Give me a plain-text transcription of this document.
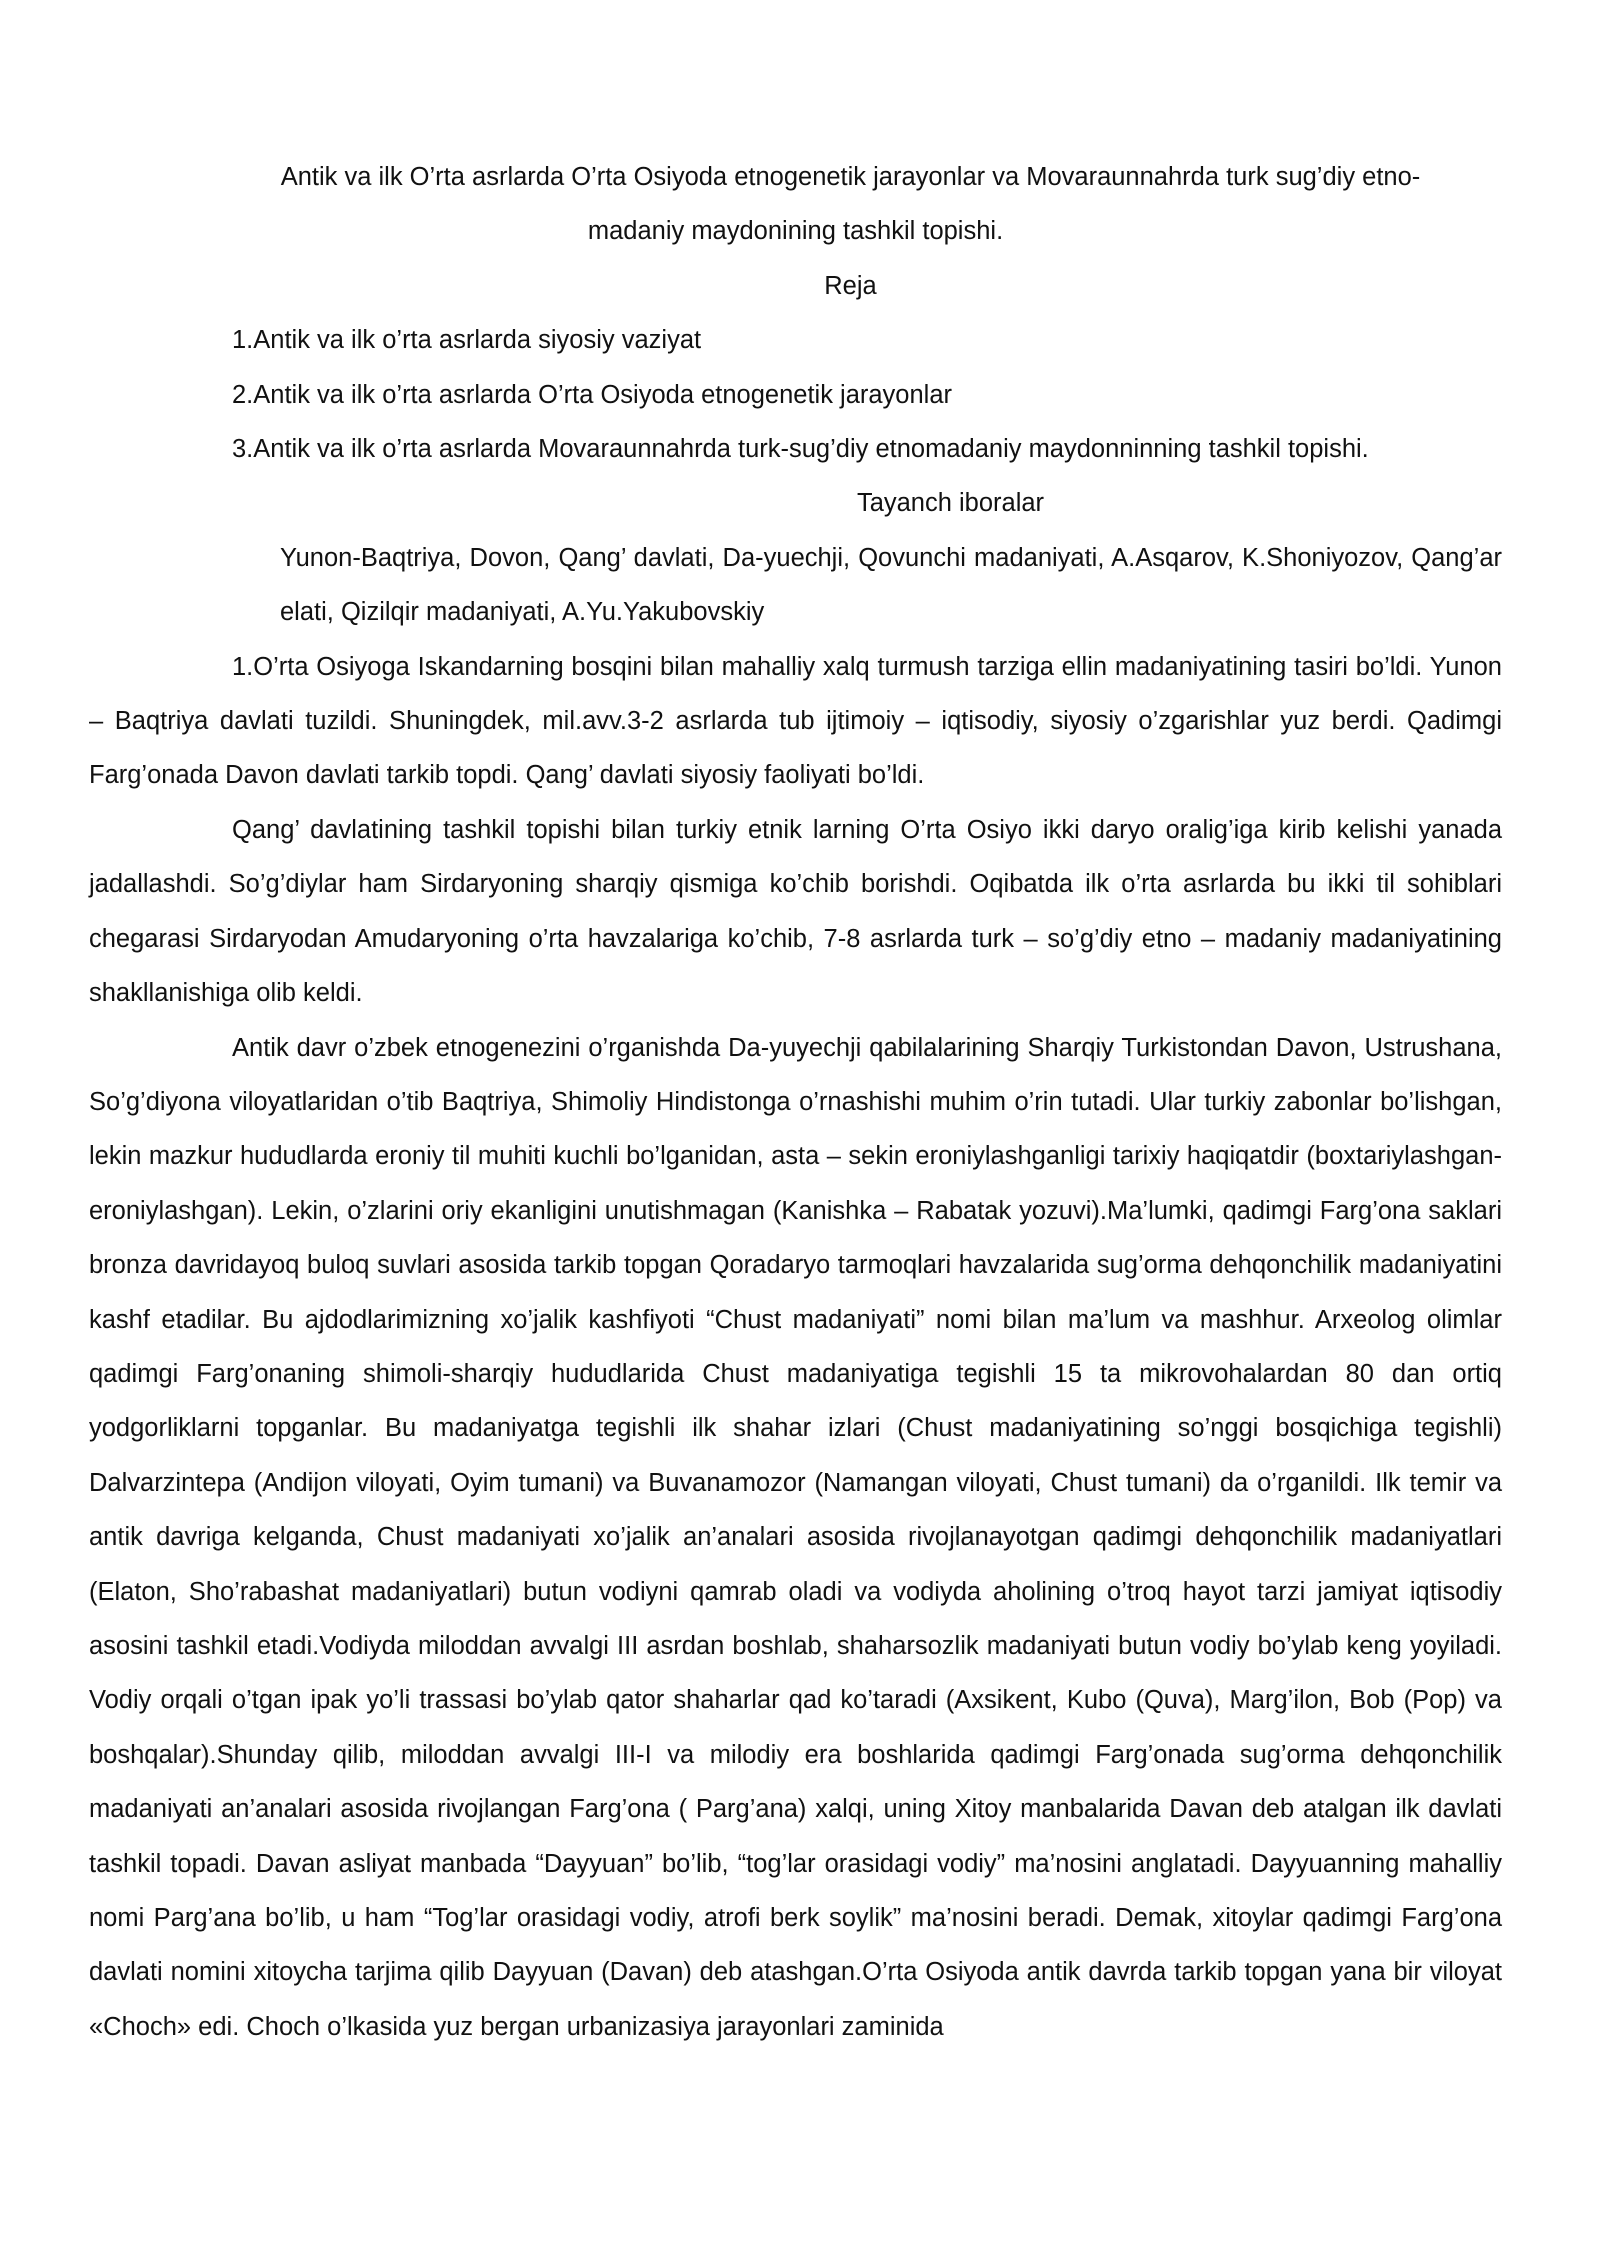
Antik va ilk O’rta asrlarda O’rta Osiyoda etnogenetik jarayonlar va Movaraunnahrda turk sug’diy etno-

madaniy maydonining tashkil topishi.

Reja

1.Antik va ilk o’rta asrlarda siyosiy vaziyat

2.Antik va ilk o’rta asrlarda O’rta Osiyoda etnogenetik jarayonlar

3.Antik va ilk o’rta asrlarda Movaraunnahrda turk-sug’diy etnomadaniy maydonninning tashkil topishi.

Tayanch iboralar

Yunon-Baqtriya, Dovon, Qang’ davlati, Da-yuechji, Qovunchi madaniyati, A.Asqarov, K.Shoniyozov, Qang’ar elati, Qizilqir madaniyati, A.Yu.Yakubovskiy

1.O’rta Osiyoga Iskandarning bosqini bilan mahalliy xalq turmush tarziga ellin madaniyatining tasiri bo’ldi. Yunon – Baqtriya davlati tuzildi. Shuningdek, mil.avv.3-2 asrlarda tub ijtimoiy – iqtisodiy, siyosiy o’zgarishlar yuz berdi. Qadimgi Farg’onada Davon davlati tarkib topdi. Qang’ davlati siyosiy faoliyati bo’ldi.

Qang’ davlatining tashkil topishi bilan turkiy etnik larning O’rta Osiyo ikki daryo oralig’iga kirib kelishi yanada jadallashdi. So’g’diylar ham Sirdaryoning sharqiy qismiga ko’chib borishdi. Oqibatda ilk o’rta asrlarda bu ikki til sohiblari chegarasi Sirdaryodan Amudaryoning o’rta havzalariga ko’chib, 7-8 asrlarda turk – so’g’diy etno – madaniy madaniyatining shakllanishiga olib keldi.

Antik davr o’zbek etnogenezini o’rganishda Da-yuyechji qabilalarining Sharqiy Turkistondan Davon, Ustrushana, So’g’diyona viloyatlaridan o’tib Baqtriya, Shimoliy Hindistonga o’rnashishi muhim o’rin tutadi. Ular turkiy zabonlar bo’lishgan, lekin mazkur hududlarda eroniy til muhiti kuchli bo’lganidan, asta – sekin eroniylashganligi tarixiy haqiqatdir (boxtariylashgan- eroniylashgan). Lekin, o’zlarini oriy ekanligini unutishmagan (Kanishka – Rabatak yozuvi).Ma’lumki, qadimgi Farg’ona saklari bronza davridayoq buloq suvlari asosida tarkib topgan Qoradaryo tarmoqlari havzalarida sug’orma dehqonchilik madaniyatini kashf etadilar. Bu ajdodlarimizning xo’jalik kashfiyoti “Chust madaniyati” nomi bilan ma’lum va mashhur. Arxeolog olimlar qadimgi Farg’onaning shimoli-sharqiy hududlarida Chust madaniyatiga tegishli 15 ta mikrovohalardan 80 dan ortiq yodgorliklarni topganlar. Bu madaniyatga tegishli ilk shahar izlari (Chust madaniyatining so’nggi bosqichiga tegishli) Dalvarzintepa (Andijon viloyati, Oyim tumani) va Buvanamozor (Namangan viloyati, Chust tumani) da o’rganildi. Ilk temir va antik davriga kelganda, Chust madaniyati xo’jalik an’analari asosida rivojlanayotgan qadimgi dehqonchilik madaniyatlari (Elaton, Sho’rabashat madaniyatlari) butun vodiyni qamrab oladi va vodiyda aholining o’troq hayot tarzi jamiyat iqtisodiy asosini tashkil etadi.Vodiyda miloddan avvalgi III asrdan boshlab, shaharsozlik madaniyati butun vodiy bo’ylab keng yoyiladi. Vodiy orqali o’tgan ipak yo’li trassasi bo’ylab qator shaharlar qad ko’taradi (Axsikent, Kubo (Quva), Marg’ilon, Bob (Pop) va boshqalar).Shunday qilib, miloddan avvalgi III-I va milodiy era boshlarida qadimgi Farg’onada sug’orma dehqonchilik madaniyati an’analari asosida rivojlangan Farg’ona ( Parg’ana) xalqi, uning Xitoy manbalarida Davan deb atalgan ilk davlati tashkil topadi. Davan asliyat manbada “Dayyuan” bo’lib, “tog’lar orasidagi vodiy” ma’nosini anglatadi. Dayyuanning mahalliy nomi Parg’ana bo’lib, u ham “Tog’lar orasidagi vodiy, atrofi berk soylik” ma’nosini beradi. Demak, xitoylar qadimgi Farg’ona davlati nomini xitoycha tarjima qilib Dayyuan (Davan) deb atashgan.O’rta Osiyoda antik davrda tarkib topgan yana bir viloyat «Choch» edi. Choch o’lkasida yuz bergan urbanizasiya jarayonlari zaminida
